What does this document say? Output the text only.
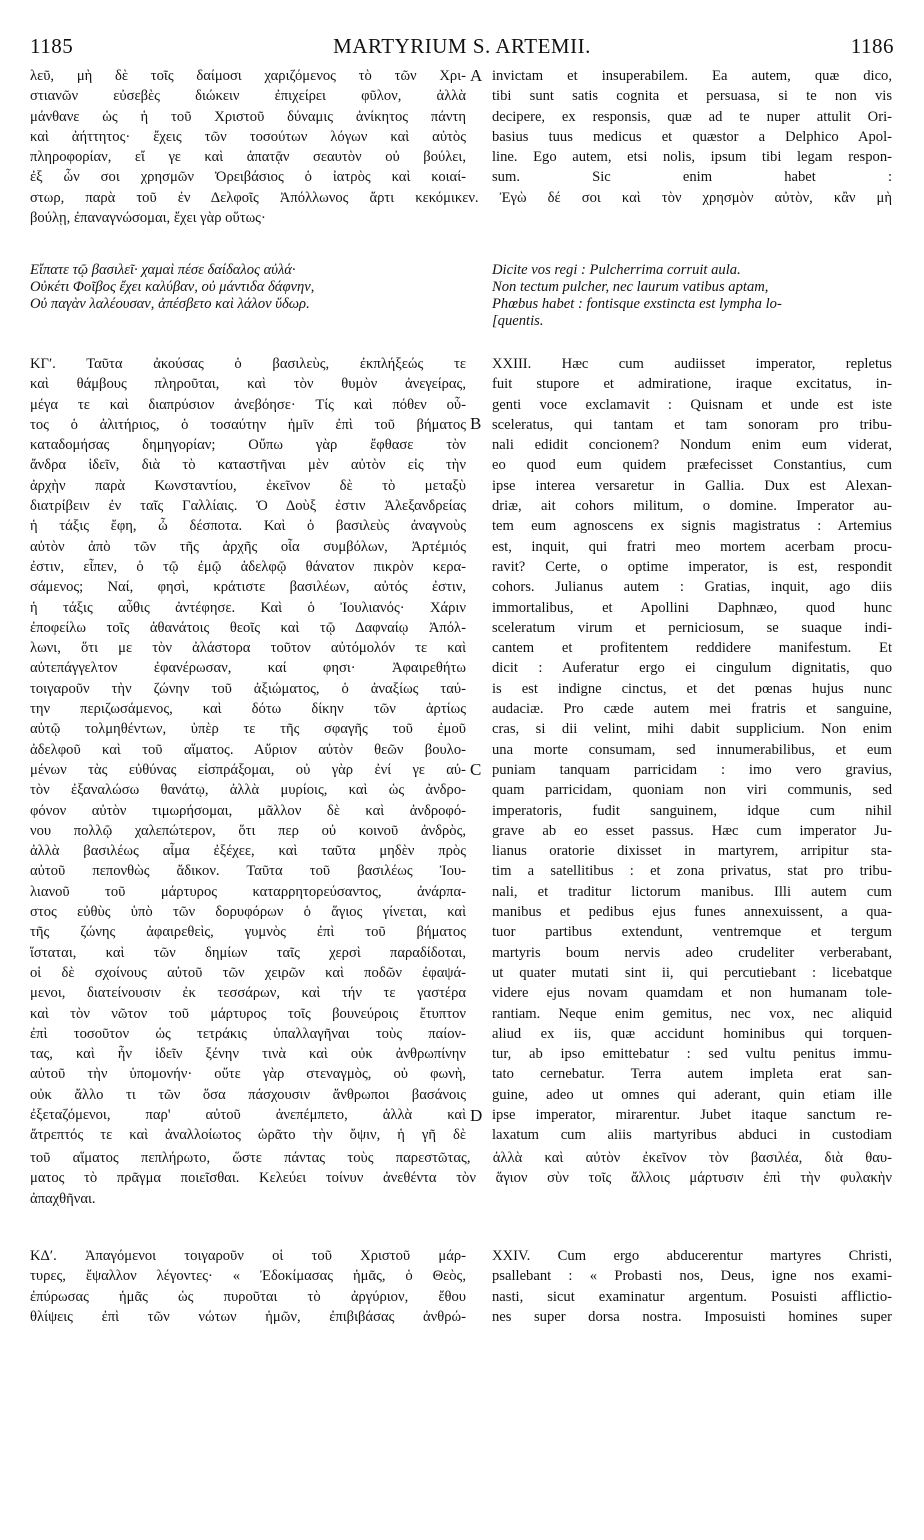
1185	MARTYRIUM S. ARTEMII.	1186
A
B
C
D
λεῦ, μὴ δὲ τοῖς δαίμοσι χαριζόμενος τὸ τῶν Χρι-
στιανῶν εὐσεβὲς διώκειν ἐπιχείρει φῦλον, ἀλλὰ
μάνθανε ὡς ἡ τοῦ Χριστοῦ δύναμις ἀνίκητος πάντη
καὶ ἀήττητος· ἔχεις τῶν τοσούτων λόγων καὶ αὐτὸς
πληροφορίαν, εἴ γε καὶ ἀπατᾷν σεαυτὸν οὐ βούλει,
ἐξ ὧν σοι χρησμῶν Ὀρειβάσιος ὁ ἰατρὸς καὶ κοιαί-
invictam et insuperabilem. Ea autem, quæ dico,
tibi sunt satis cognita et persuasa, si te non vis
decipere, ex responsis, quæ ad te nuper attulit Ori-
basius tuus medicus et quæstor a Delphico Apol-
line. Ego autem, etsi nolis, ipsum tibi legam respon-
sum. Sic enim habet :
στωρ, παρὰ τοῦ ἐν Δελφοῖς Ἀπόλλωνος ἄρτι κεκόμικεν. Ἐγὼ δέ σοι καὶ τὸν χρησμὸν αὐτὸν, κἂν μὴ
βούλῃ, ἐπαναγνώσομαι, ἔχει γὰρ οὕτως·
Εἴπατε τῷ βασιλεῖ· χαμαὶ πέσε δαίδαλος αὐλά·
Οὐκέτι Φοῖβος ἔχει καλύβαν, οὐ μάντιδα δάφνην,
Οὐ παγὰν λαλέουσαν, ἀπέσβετο καὶ λάλον ὕδωρ.
Dicite vos regi : Pulcherrima corruit aula.
Non tectum pulcher, nec laurum vatibus aptam,
Phœbus habet : fontisque exstincta est lympha lo-
[quentis.
ΚΓʹ. Ταῦτα ἀκούσας ὁ βασιλεὺς, ἐκπλήξεώς τε
καὶ θάμβους πληροῦται, καὶ τὸν θυμὸν ἀνεγείρας,
μέγα τε καὶ διαπρύσιον ἀνεβόησε· Τίς καὶ πόθεν οὗ-
τος ὁ ἀλιτήριος, ὁ τοσαύτην ἡμῖν ἐπὶ τοῦ βήματος
καταδομήσας δημηγορίαν; Οὔπω γὰρ ἔφθασε τὸν
ἄνδρα ἰδεῖν, διὰ τὸ καταστῆναι μὲν αὐτὸν εἰς τὴν
ἀρχὴν παρὰ Κωνσταντίου, ἐκεῖνον δὲ τὸ μεταξὺ
διατρίβειν ἐν ταῖς Γαλλίαις. Ὁ Δοὺξ ἐστιν Ἀλεξανδρείας
ἡ τάξις ἔφη, ὦ δέσποτα. Καὶ ὁ βασιλεὺς ἀναγνοὺς
αὐτὸν ἀπὸ τῶν τῆς ἀρχῆς οἷα συμβόλων, Ἀρτέμιός
ἐστιν, εἶπεν, ὁ τῷ ἐμῷ ἀδελφῷ θάνατον πικρὸν κερα-
σάμενος; Ναί, φησὶ, κράτιστε βασιλέων, αὐτός ἐστιν,
ἡ τάξις αὖθις ἀντέφησε. Καὶ ὁ Ἰουλιανός· Χάριν
ἐποφείλω τοῖς ἀθανάτοις θεοῖς καὶ τῷ Δαφναίῳ Ἀπόλ-
λωνι, ὅτι με τὸν ἀλάστορα τοῦτον αὐτόμολόν τε καὶ
αὐτεπάγγελτον ἐφανέρωσαν, καί φησι· Ἀφαιρεθήτω
τοιγαροῦν τὴν ζώνην τοῦ ἀξιώματος, ὁ ἀναξίως ταύ-
την περιζωσάμενος, καὶ δότω δίκην τῶν ἀρτίως
αὐτῷ τολμηθέντων, ὑπὲρ τε τῆς σφαγῆς τοῦ ἐμοῦ
ἀδελφοῦ καὶ τοῦ αἵματος. Αὔριον αὐτὸν θεῶν βουλο-
μένων τὰς εὐθύνας εἰσπράξομαι, οὐ γὰρ ἐνί γε αὐ-
τὸν ἐξαναλώσω θανάτῳ, ἀλλὰ μυρίοις, καὶ ὡς ἀνδρο-
φόνον αὐτὸν τιμωρήσομαι, μᾶλλον δὲ καὶ ἀνδροφό-
νου πολλῷ χαλεπώτερον, ὅτι περ οὐ κοινοῦ ἀνδρὸς,
ἀλλὰ βασιλέως αἷμα ἐξέχεε, καὶ ταῦτα μηδὲν πρὸς
αὐτοῦ πεπονθὼς ἄδικον. Ταῦτα τοῦ βασιλέως Ἰου-
λιανοῦ τοῦ μάρτυρος καταρρητορεύσαντος, ἀνάρπα-
στος εὐθὺς ὑπὸ τῶν δορυφόρων ὁ ἅγιος γίνεται, καὶ
τῆς ζώνης ἀφαιρεθεὶς, γυμνὸς ἐπὶ τοῦ βήματος
ἵσταται, καὶ τῶν δημίων ταῖς χερσὶ παραδίδοται,
οἱ δὲ σχοίνους αὐτοῦ τῶν χειρῶν καὶ ποδῶν ἐφαψά-
μενοι, διατείνουσιν ἐκ τεσσάρων, καὶ τήν τε γαστέρα
καὶ τὸν νῶτον τοῦ μάρτυρος τοῖς βουνεύροις ἔτυπτον
ἐπὶ τοσοῦτον ὡς τετράκις ὑπαλλαγῆναι τοὺς παίον-
τας, καὶ ἦν ἰδεῖν ξένην τινὰ καὶ οὐκ ἀνθρωπίνην
αὐτοῦ τὴν ὑπομονήν· οὔτε γὰρ στεναγμὸς, οὐ φωνὴ,
οὐκ ἄλλο τι τῶν ὅσα πάσχουσιν ἄνθρωποι βασάνοις
ἐξεταζόμενοι, παρ' αὐτοῦ ἀνεπέμπετο, ἀλλὰ καὶ
ἄτρεπτός τε καὶ ἀναλλοίωτος ὡρᾶτο τὴν ὄψιν, ἡ γῆ δὲ
XXIII. Hæc cum audiisset imperator, repletus
fuit stupore et admiratione, iraque excitatus, in-
genti voce exclamavit : Quisnam et unde est iste
sceleratus, qui tantam et tam sonoram pro tribu-
nali edidit concionem? Nondum enim eum viderat,
eo quod eum quidem præfecisset Constantius, cum
ipse interea versaretur in Gallia. Dux est Alexan-
driæ, ait cohors militum, o domine. Imperator au-
tem eum agnoscens ex signis magistratus : Artemius
est, inquit, qui fratri meo mortem acerbam procu-
ravit? Certe, o optime imperator, is est, respondit
cohors. Julianus autem : Gratias, inquit, ago diis
immortalibus, et Apollini Daphnæo, quod hunc
sceleratum virum et perniciosum, se suaque indi-
cantem et profitentem reddidere manifestum. Et
dicit : Auferatur ergo ei cingulum dignitatis, quo
is est indigne cinctus, et det pœnas hujus nunc
audaciæ. Pro cæde autem mei fratris et sanguine,
cras, si dii velint, mihi dabit supplicium. Non enim
una morte consumam, sed innumerabilibus, et eum
puniam tanquam parricidam : imo vero gravius,
quam parricidam, quoniam non viri communis, sed
imperatoris, fudit sanguinem, idque cum nihil
grave ab eo esset passus. Hæc cum imperator Ju-
lianus oratorie dixisset in martyrem, arripitur sta-
tim a satellitibus : et zona privatus, stat pro tribu-
nali, et traditur lictorum manibus. Illi autem cum
manibus et pedibus ejus funes annexuissent, a qua-
tuor partibus extendunt, ventremque et tergum
martyris boum nervis adeo crudeliter verberabant,
ut quater mutati sint ii, qui percutiebant : licebatque
videre ejus novam quamdam et non humanam tole-
rantiam. Neque enim gemitus, nec vox, nec aliquid
aliud ex iis, quæ accidunt hominibus qui torquen-
tur, ab ipso emittebatur : sed vultu penitus immu-
tato cernebatur. Terra autem impleta erat san-
guine, adeo ut omnes qui aderant, quin etiam ille
ipse imperator, mirarentur. Jubet itaque sanctum re-
laxatum cum aliis martyribus abduci in custodiam
τοῦ αἵματος πεπλήρωτο, ὥστε πάντας τοὺς παρεστῶτας, ἀλλὰ καὶ αὐτὸν ἐκεῖνον τὸν βασιλέα, διὰ θαυ-
ματος τὸ πρᾶγμα ποιεῖσθαι. Κελεύει τοίνυν ἀνεθέντα τὸν ἅγιον σὺν τοῖς ἄλλοις μάρτυσιν ἐπὶ τὴν φυλακὴν
ἀπαχθῆναι.
ΚΔʹ. Ἀπαγόμενοι τοιγαροῦν οἱ τοῦ Χριστοῦ μάρ-
τυρες, ἔψαλλον λέγοντες· « Ἐδοκίμασας ἡμᾶς, ὁ Θεὸς,
ἐπύρωσας ἡμᾶς ὡς πυροῦται τὸ ἀργύριον, ἔθου
θλίψεις ἐπὶ τῶν νώτων ἡμῶν, ἐπιβιβάσας ἀνθρώ-
XXIV. Cum ergo abducerentur martyres Christi,
psallebant : « Probasti nos, Deus, igne nos exami-
nasti, sicut examinatur argentum. Posuisti afflictio-
nes super dorsa nostra. Imposuisti homines super
